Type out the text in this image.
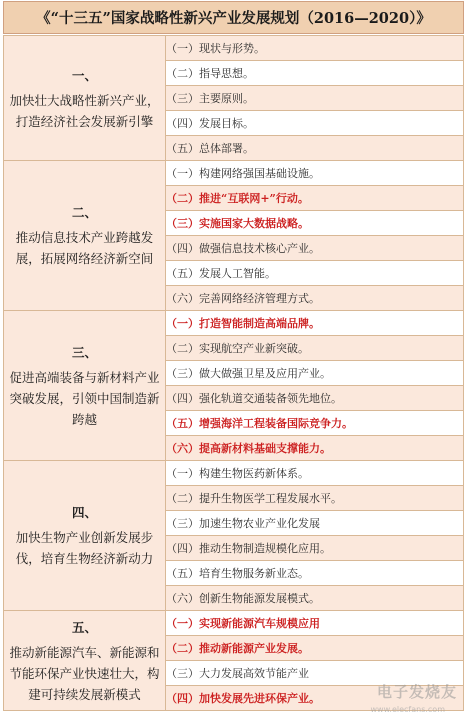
《“十三五”国家战略性新兴产业发展规划（2016—2020）》
一、
加快壮大战略性新兴产业，打造经济社会发展新引擎	（一）现状与形势。
	（二）指导思想。
	（三）主要原则。
	（四）发展目标。
	（五）总体部署。

二、
推动信息技术产业跨越发展，拓展网络经济新空间	（一）构建网络强国基础设施。
	（二）推进“互联网+”行动。
	（三）实施国家大数据战略。
	（四）做强信息技术核心产业。
	（五）发展人工智能。
	（六）完善网络经济管理方式。

三、
促进高端装备与新材料产业突破发展，引领中国制造新跨越	（一）打造智能制造高端品牌。
	（二）实现航空产业新突破。
	（三）做大做强卫星及应用产业。
	（四）强化轨道交通装备领先地位。
	（五）增强海洋工程装备国际竞争力。
	（六）提高新材料基础支撑能力。

四、
加快生物产业创新发展步伐，培育生物经济新动力	（一）构建生物医药新体系。
	（二）提升生物医学工程发展水平。
	（三）加速生物农业产业化发展
	（四）推动生物制造规模化应用。
	（五）培育生物服务新业态。
	（六）创新生物能源发展模式。

五、
推动新能源汽车、新能源和节能环保产业快速壮大，构建可持续发展新模式	（一）实现新能源汽车规模应用
	（二）推动新能源产业发展。
	（三）大力发展高效节能产业
	（四）加快发展先进环保产业。	电子发烧友
www.elecfans.com
